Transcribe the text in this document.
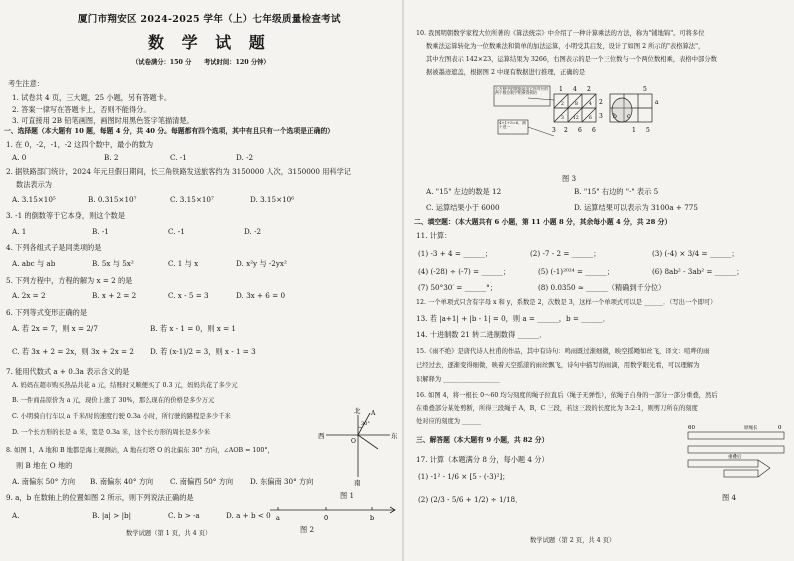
厦门市翔安区 2024-2025 学年（上）七年级质量检查考试
数 学 试 题
（试卷满分：150 分　　考试时间：120 分钟）
考生注意：
1. 试卷共 4 页，三大题，25 小题，另有答题卡。
2. 答案一律写在答题卡上，否则不能得分。
3. 可直接用 2B 铅笔画图，画图时用黑色签字笔描清楚。
一、选择题（本大题有 10 题，每题 4 分，共 40 分。每题都有四个选项，其中有且只有一个选项是正确的）
1. 在 0，-2，-1，-2 这四个数中，最小的数为
A. 0	B. 2	C. -1	D. -2
2. 据铁路部门统计，2024 年元旦假日期间，长三角铁路发送旅客约为 3150000 人次，3150000 用科学记
数法表示为
A. 3.15×10⁵	B. 0.315×10⁷	C. 3.15×10⁷	D. 3.15×10⁶
3. -1 的倒数等于它本身，则这个数是
A. 1	B. -1	C. -1	D. -2
4. 下列各组式子是同类项的是
A. abc 与 ab	B. 5x 与 5x²	C. 1 与 x	D. x²y 与 -2yx²
5. 下列方程中，方程的解为 x = 2 的是
A. 2x = 2	B. x + 2 = 2	C. x - 5 = 3	D. 3x + 6 = 0
6. 下列等式变形正确的是
A. 若 2x = 7，则 x = 2/7	B. 若 x - 1 = 0，则 x = 1
C. 若 3x + 2 = 2x，则 3x + 2x = 2 D. 若 (x-1)/2 = 3，则 x - 1 = 3
7. 能用代数式 a + 0.3a 表示含义的是
A. 妈妈在超市购买热品共花 a 元，结账时又顺便买了 0.3 元，妈妈共花了多少元
B. 一件商品原价为 a 元，现价上涨了 30%，那么现在的价格是多少万元
C. 小明骑自行车以 a 千米/时的速度行驶 0.3a 小时，所行驶的路程是多少千米
D. 一个长方形的长是 a 米，宽是 0.3a 米，这个长方形的周长是多少米
8. 如图 1，A 地和 B 地都是海上观测站，A 地在灯塔 O 的北偏东 30° 方向，∠AOB = 100°，
则 B 地在 O 地的
A. 南偏东 50° 方向 B. 南偏东 40° 方向 C. 南偏西 50° 方向 D. 东偏南 30° 方向
9. a，b 在数轴上的位置如图 2 所示，则下列说法正确的是
A.	B. |a| > |b|	C. b > -a	D. a + b < 0
北
南
西	东
A
O
30°
图 1
a	0	b
图 2
数学试题（第 1 页，共 4 页）
10. 我国明朝数学家程大位所著的《算法统宗》中介绍了一种计算乘法的方法，称为"铺地锦"。可将多位
数乘法运算转化为一位数乘法和简单的加法运算，小明受其启发，设计了如图 2 所示的"表格算法"，
其中左图表示 142×23，运算结果为 3266，右图表示的是一个三位数与一个两位数相乘，表格中部分数
据被墨迹遮盖，根据图 2 中现有数据进行推理，正确的是
小方格中的数据是由它所对应的两个数位数字相乘得到的
4+1+5=6，满十进一
1 4 2
2
3
2 8 4
3 12 6
3 2 6 6
5
b c
a
1 5
图 3
A. "15" 左边的数是 12	B. "15" 右边的 "·" 表示 5
C. 运算结果小于 6000	D. 运算结果可以表示为 3100a + 775
二、填空题：（本大题共有 6 小题，第 11 小题 8 分，其余每小题 4 分，共 28 分）
11. 计算：
(1) -3 + 4 = ______；	(2) -7 - 2 = ______；	(3) (-4) × 3/4 = ______；
(4) (-28) ÷ (-7) = ______；	(5) (-1)²⁰²⁴ = ______；	(6) 8ab² - 3ab² = ______；
(7) 50°30′ = ______°；	(8) 0.0350 ≈ ______（精确到千分位）
12. 一个单项式只含有字母 x 和 y，系数是 2，次数是 3，这样一个单项式可以是 ______．（写出一个即可）
13. 若 |a+1| + |b - 1| = 0，则 a = ______，b = ______．
14. 十进制数 21 转二进制数得 ______．
15.《雨不绝》是唐代诗人杜甫的作品，其中有诗句：鸣雨既过渐细微，映空摇飏如丝飞，译文：喧哗的雨
已经过去，逐渐变得细微，映着天空摇漾的雨丝飘飞，诗句中描写的雨滴，用数学眼光看，可以理解为
识解释为 __________________
16. 如图 4，将一根长 0～60 均匀刻度的绳子拉直后（绳子无弹性），依绳子自身的一部分一部分重叠，然后
在重叠部分某处剪断，所得三段绳子 A，B，C 三段，若这三段的长度比为 3:2:1，则剪刀所在的刻度
处对应的刻度为 ______
60	0
原绳长
重叠后
图 4
三、解答题（本大题有 9 小题，共 82 分）
17. 计算（本题满分 8 分，每小题 4 分）
(1) -1² - 1/6 × [5 - (-3)²]；
(2) (2/3 - 5/6 + 1/2) ÷ 1/18．
数学试题（第 2 页，共 4 页）
